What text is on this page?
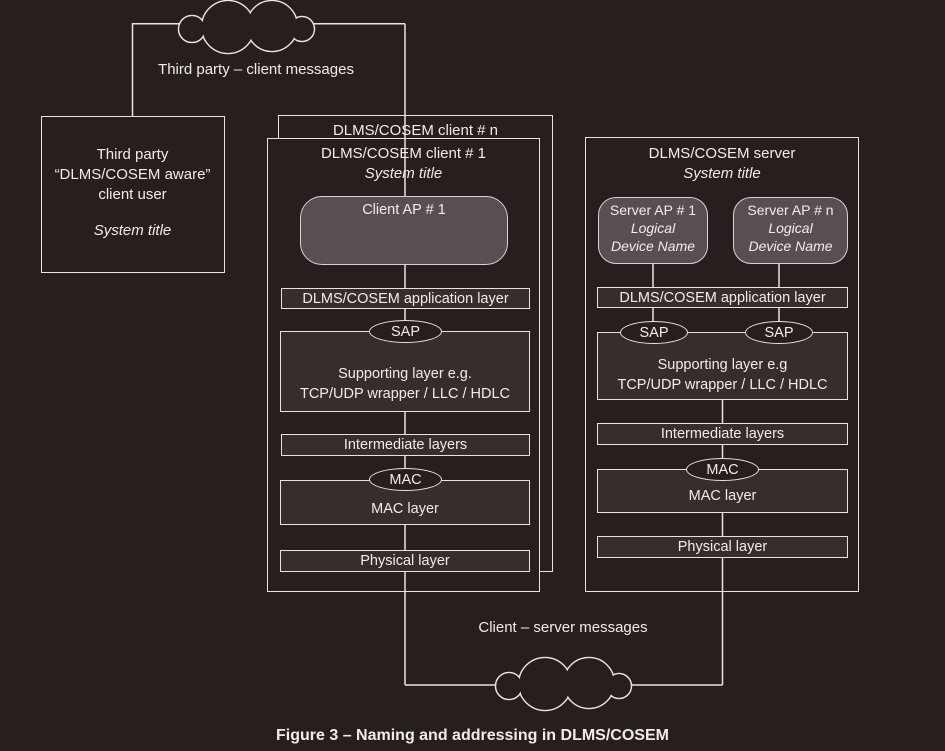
Third party – client messages
Third party
“DLMS/COSEM aware”
client user
System title
DLMS/COSEM client # n
DLMS/COSEM client # 1
System title
Client AP # 1
DLMS/COSEM application layer
Supporting layer e.g.
TCP/UDP wrapper / LLC / HDLC
Intermediate layers
MAC layer
Physical layer
SAP
MAC
DLMS/COSEM server
System title
Server AP # 1
Logical
Device Name
Server AP # n
Logical
Device Name
DLMS/COSEM application layer
Supporting layer e.g
TCP/UDP wrapper / LLC / HDLC
Intermediate layers
MAC layer
Physical layer
SAP	SAP
MAC
Client – server messages
Figure 3 – Naming and addressing in DLMS/COSEM
